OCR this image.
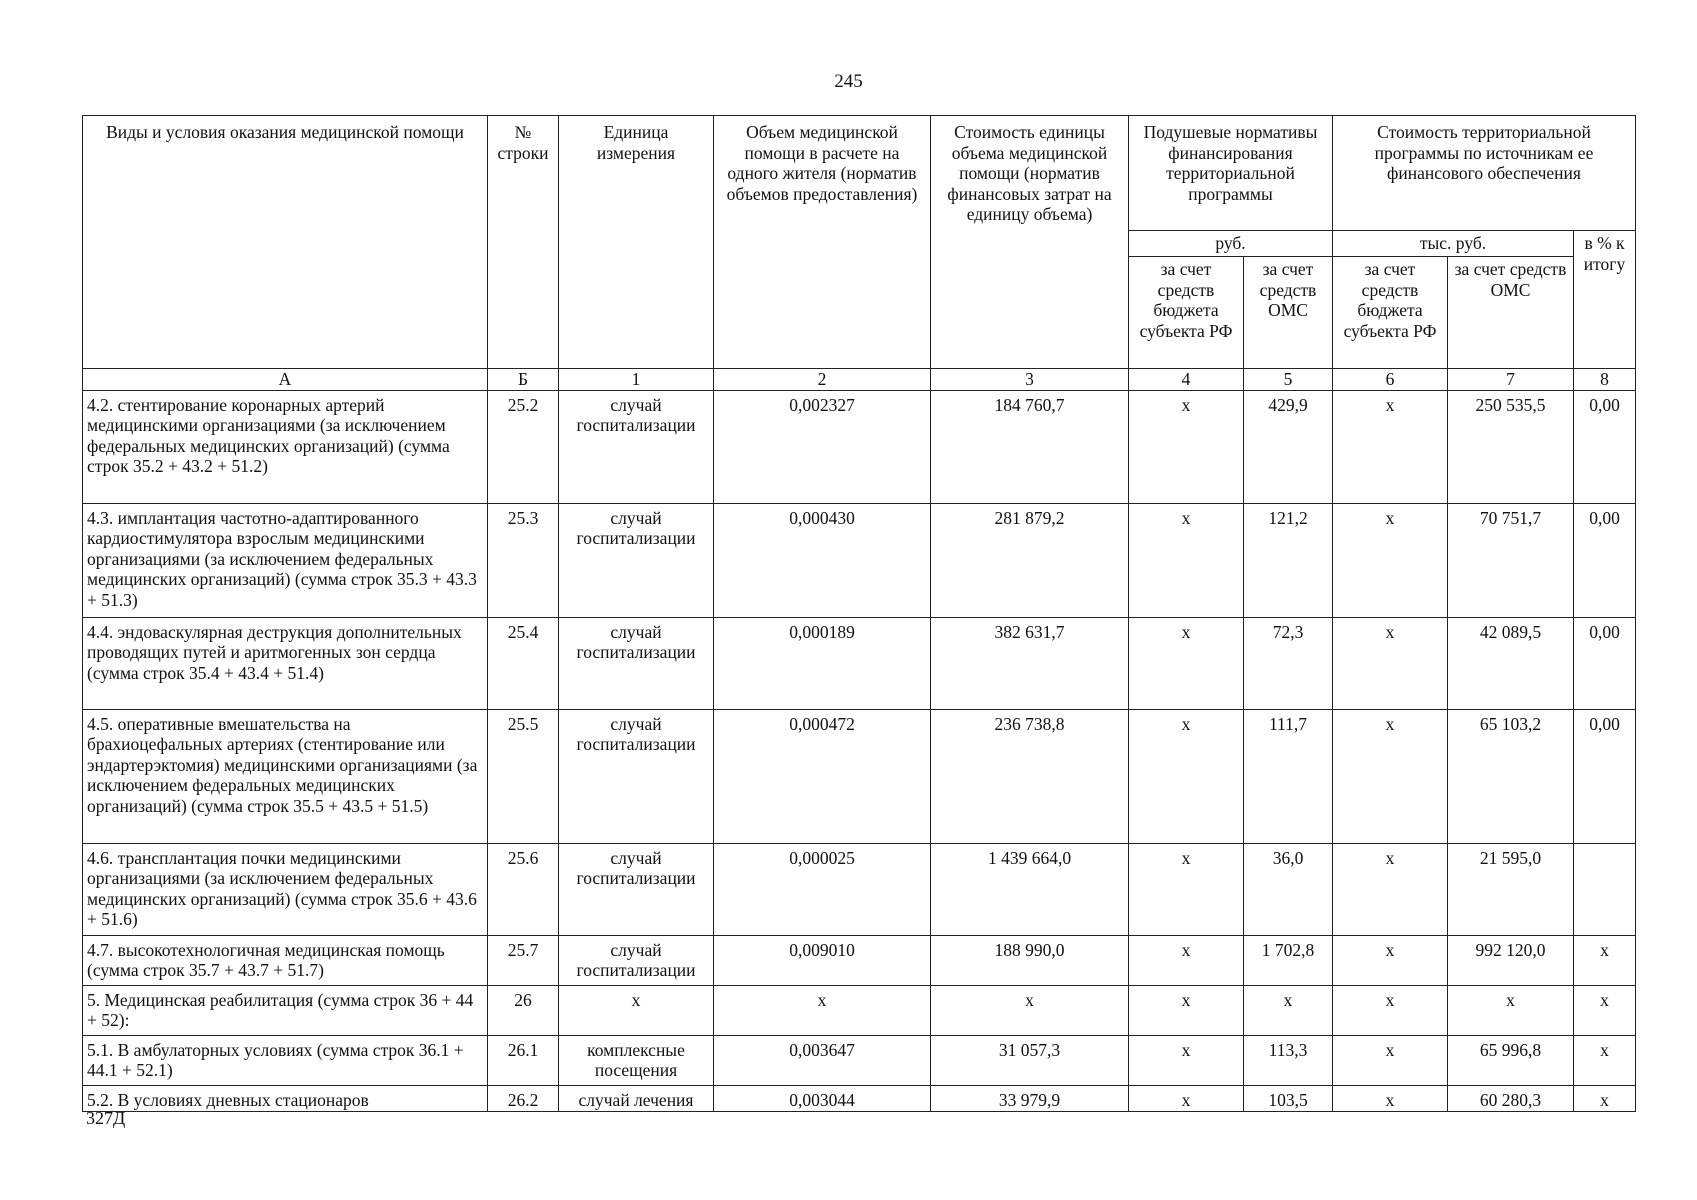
245
Виды и условия оказания медицинской помощи	№ строки	Единица измерения	Объем медицинской помощи в расчете на одного жителя (норматив объемов предоставления)	Стоимость единицы объема медицинской помощи (норматив финансовых затрат на единицу объема)	Подушевые нормативы финансирования территориальной программы		Стоимость территориальной программы по источникам ее финансового обеспечения		
					руб.		тыс. руб.		в % к итогу
					за счет средств бюджета субъекта РФ	за счет средств ОМС	за счет средств бюджета субъекта РФ	за счет средств ОМС	
А	Б	1	2	3	4	5	6	7	8
4.2. стентирование коронарных артерий медицинскими организациями (за исключением федеральных медицинских организаций) (сумма строк 35.2 + 43.2 + 51.2)	25.2	случай госпитализации	0,002327	184 760,7	х	429,9	х	250 535,5	0,00
4.3. имплантация частотно-адаптированного кардиостимулятора взрослым медицинскими организациями (за исключением федеральных медицинских организаций) (сумма строк 35.3 + 43.3 + 51.3)	25.3	случай госпитализации	0,000430	281 879,2	х	121,2	х	70 751,7	0,00
4.4. эндоваскулярная деструкция дополнительных проводящих путей и аритмогенных зон сердца (сумма строк 35.4 + 43.4 + 51.4)	25.4	случай госпитализации	0,000189	382 631,7	х	72,3	х	42 089,5	0,00
4.5. оперативные вмешательства на брахиоцефальных артериях (стентирование или эндартерэктомия) медицинскими организациями (за исключением федеральных медицинских организаций) (сумма строк 35.5 + 43.5 + 51.5)	25.5	случай госпитализации	0,000472	236 738,8	х	111,7	х	65 103,2	0,00
4.6. трансплантация почки медицинскими организациями (за исключением федеральных медицинских организаций) (сумма строк 35.6 + 43.6 + 51.6)	25.6	случай госпитализации	0,000025	1 439 664,0	х	36,0	х	21 595,0	
4.7. высокотехнологичная медицинская помощь (сумма строк 35.7 + 43.7 + 51.7)	25.7	случай госпитализации	0,009010	188 990,0	х	1 702,8	х	992 120,0	х
5. Медицинская реабилитация (сумма строк 36 + 44 + 52):	26	х	х	х	х	х	х	х	х
5.1. В амбулаторных условиях (сумма строк 36.1 + 44.1 + 52.1)	26.1	комплексные посещения	0,003647	31 057,3	х	113,3	х	65 996,8	х
5.2. В условиях дневных стационаров	26.2	случай лечения	0,003044	33 979,9	х	103,5	х	60 280,3	х
327Д
